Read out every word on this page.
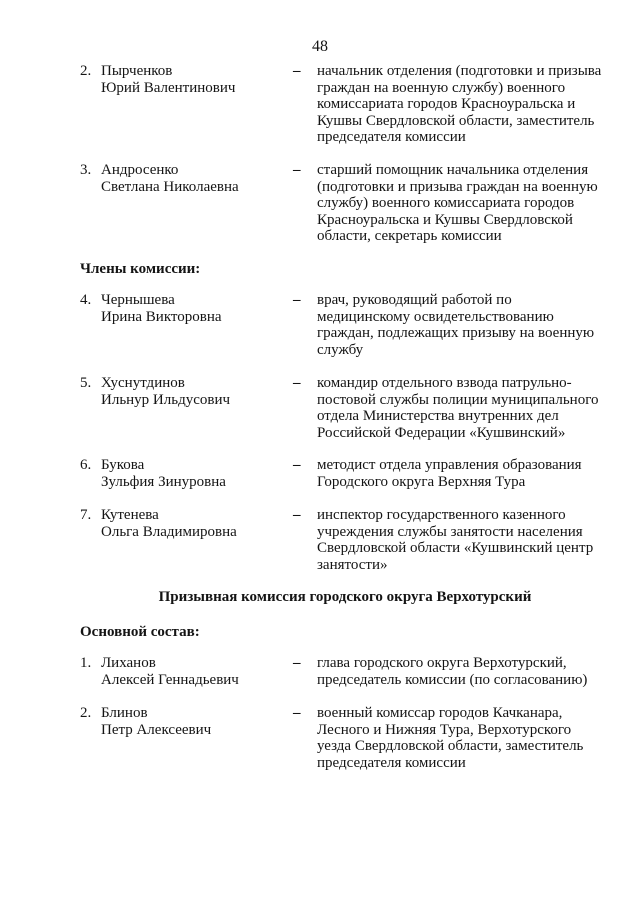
48
2. Пырченков
Юрий Валентинович
– начальник отделения (подготовки и призыва
граждан на военную службу) военного
комиссариата городов Красноуральска и
Кушвы Свердловской области, заместитель
председателя комиссии
3. Андросенко
Светлана Николаевна
– старший помощник начальника отделения
(подготовки и призыва граждан на военную
службу) военного комиссариата городов
Красноуральска и Кушвы Свердловской
области, секретарь комиссии
Члены комиссии:
4. Чернышева
Ирина Викторовна
– врач, руководящий работой по
медицинскому освидетельствованию
граждан, подлежащих призыву на военную
службу
5. Хуснутдинов
Ильнур Ильдусович
– командир отдельного взвода патрульно-
постовой службы полиции муниципального
отдела Министерства внутренних дел
Российской Федерации «Кушвинский»
6. Букова
Зульфия Зинуровна
– методист отдела управления образования
Городского округа Верхняя Тура
7. Кутенева
Ольга Владимировна
– инспектор государственного казенного
учреждения службы занятости населения
Свердловской области «Кушвинский центр
занятости»
Призывная комиссия городского округа Верхотурский
Основной состав:
1. Лиханов
Алексей Геннадьевич
– глава городского округа Верхотурский,
председатель комиссии (по согласованию)
2. Блинов
Петр Алексеевич
– военный комиссар городов Качканара,
Лесного и Нижняя Тура, Верхотурского
уезда Свердловской области, заместитель
председателя комиссии
